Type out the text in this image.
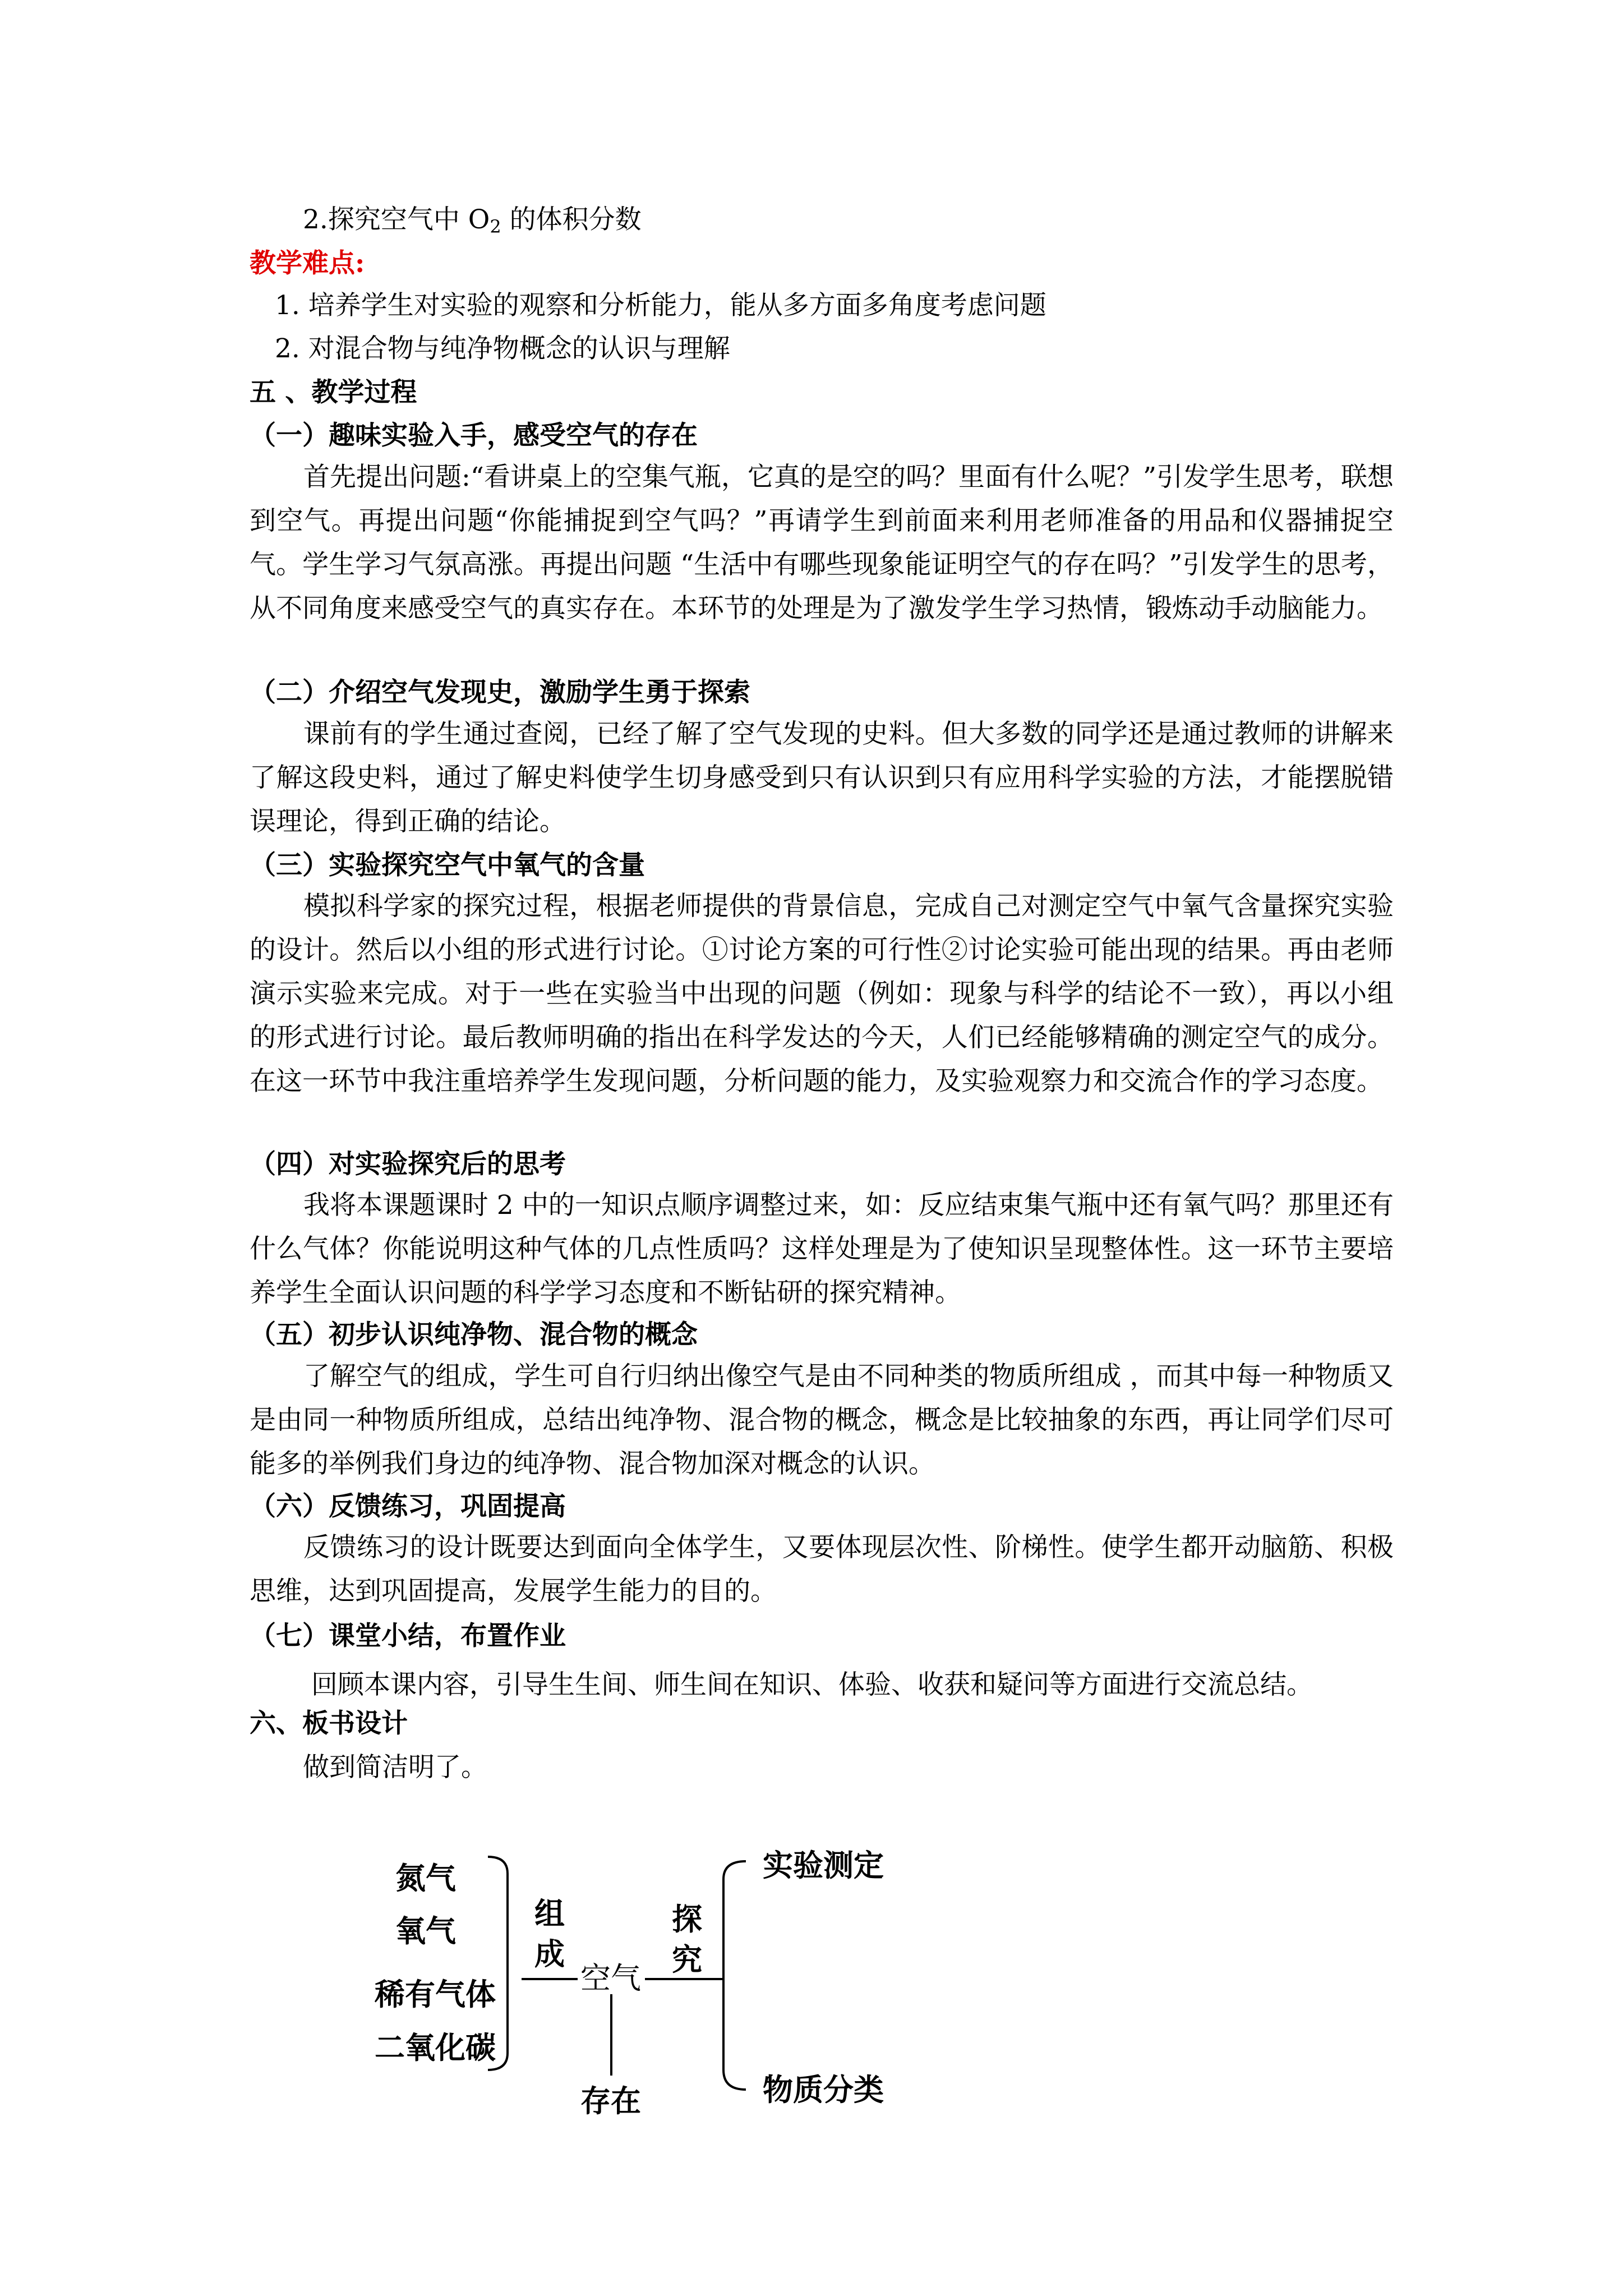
2.探究空气中 $O_2$ 的体积分数
教学难点:
1. 培养学生对实验的观察和分析能力，能从多方面多角度考虑问题
2. 对混合物与纯净物概念的认识与理解
五 、教学过程
（一）趣味实验入手，感受空气的存在
首先提出问题:“看讲桌上的空集气瓶，它真的是空的吗？里面有什么呢？”引发学生思考，联想到空气。再提出问题“你能捕捉到空气吗？”再请学生到前面来利用老师准备的用品和仪器捕捉空气。学生学习气氛高涨。再提出问题 “生活中有哪些现象能证明空气的存在吗？”引发学生的思考，从不同角度来感受空气的真实存在。本环节的处理是为了激发学生学习热情，锻炼动手动脑能力。
（二）介绍空气发现史，激励学生勇于探索
课前有的学生通过查阅，已经了解了空气发现的史料。但大多数的同学还是通过教师的讲解来了解这段史料，通过了解史料使学生切身感受到只有认识到只有应用科学实验的方法，才能摆脱错误理论，得到正确的结论。
（三）实验探究空气中氧气的含量
模拟科学家的探究过程，根据老师提供的背景信息，完成自己对测定空气中氧气含量探究实验的设计。然后以小组的形式进行讨论。①讨论方案的可行性②讨论实验可能出现的结果。再由老师演示实验来完成。对于一些在实验当中出现的问题（例如：现象与科学的结论不一致），再以小组的形式进行讨论。最后教师明确的指出在科学发达的今天，人们已经能够精确的测定空气的成分。在这一环节中我注重培养学生发现问题，分析问题的能力，及实验观察力和交流合作的学习态度。
（四）对实验探究后的思考
我将本课题课时 2 中的一知识点顺序调整过来，如：反应结束集气瓶中还有氧气吗？那里还有什么气体？你能说明这种气体的几点性质吗？这样处理是为了使知识呈现整体性。这一环节主要培养学生全面认识问题的科学学习态度和不断钻研的探究精神。
（五）初步认识纯净物、混合物的概念
了解空气的组成，学生可自行归纳出像空气是由不同种类的物质所组成 ，而其中每一种物质又是由同一种物质所组成，总结出纯净物、混合物的概念，概念是比较抽象的东西，再让同学们尽可能多的举例我们身边的纯净物、混合物加深对概念的认识。
（六）反馈练习，巩固提高
反馈练习的设计既要达到面向全体学生，又要体现层次性、阶梯性。使学生都开动脑筋、积极思维，达到巩固提高，发展学生能力的目的。
（七）课堂小结，布置作业
回顾本课内容，引导生生间、师生间在知识、体验、收获和疑问等方面进行交流总结。
六、板书设计
做到简洁明了。
氮气
氧气
稀有气体
二氧化碳
组成
空气
探究
存在
实验测定
物质分类
